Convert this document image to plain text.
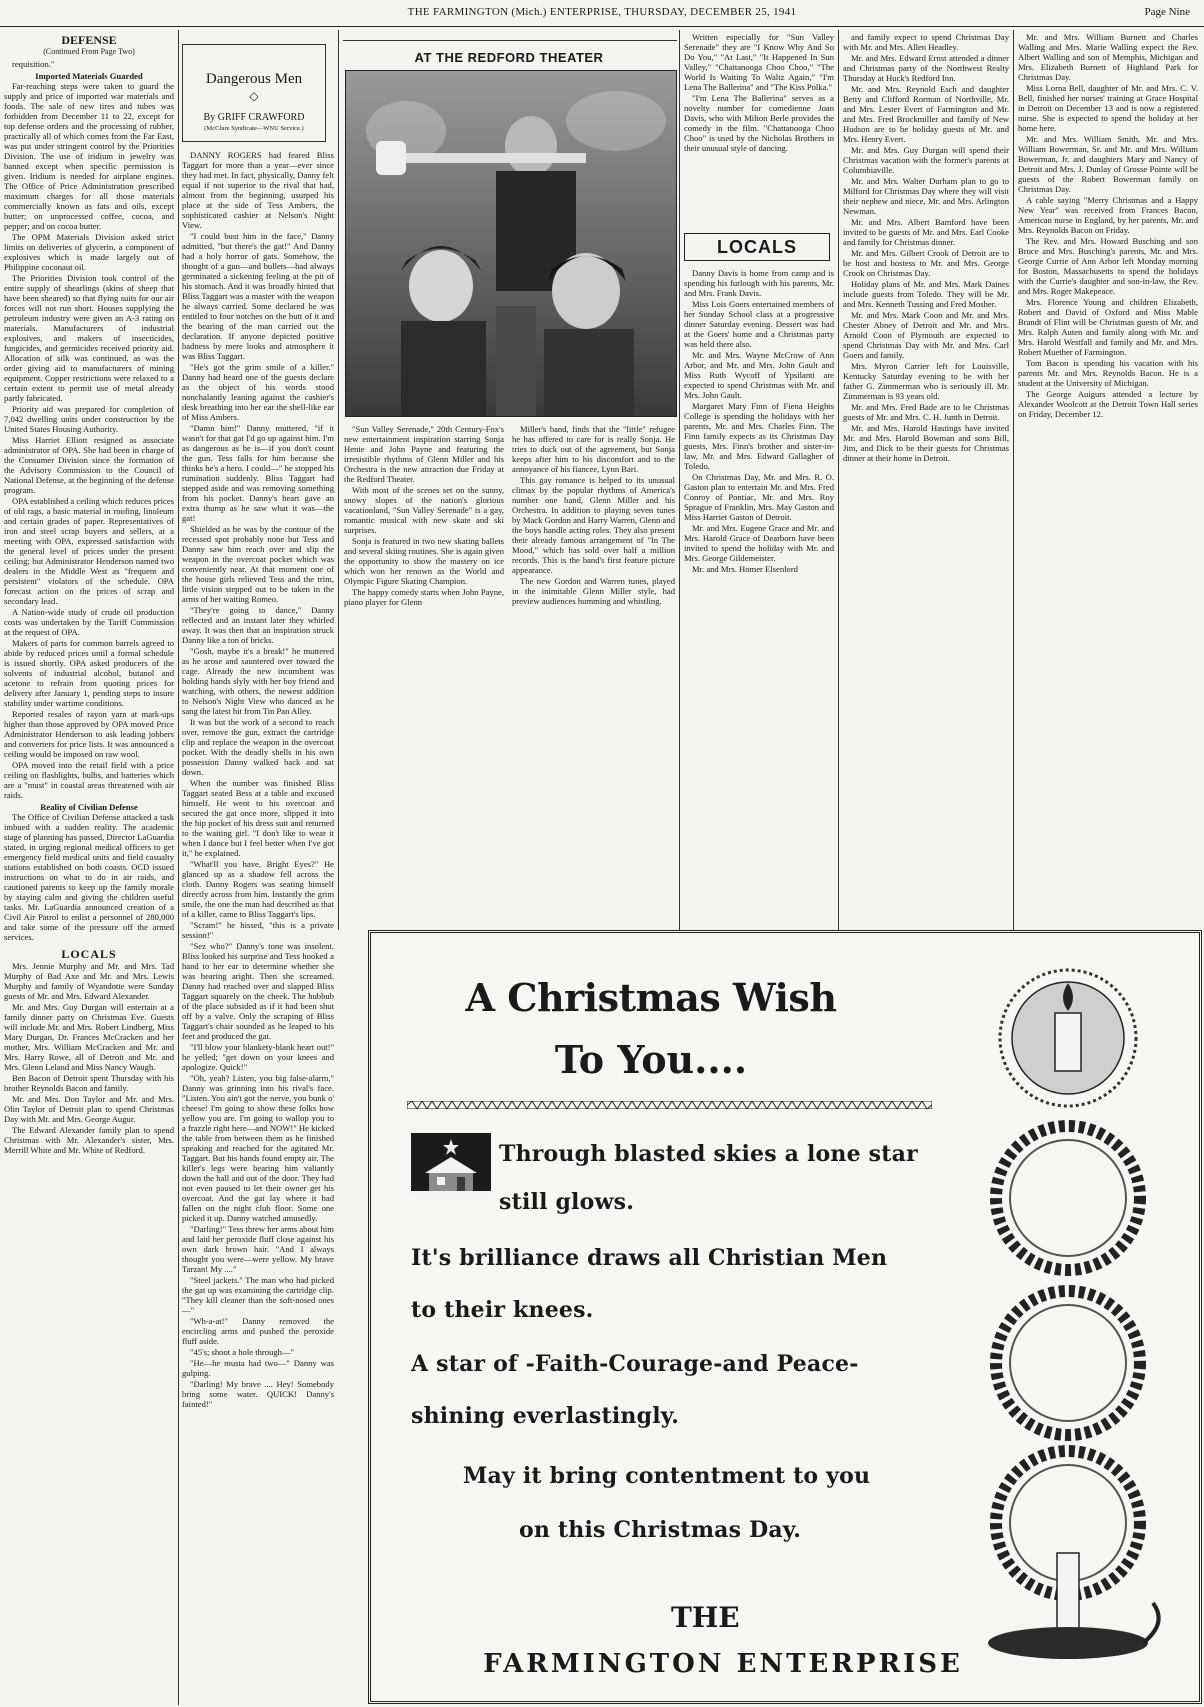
THE FARMINGTON (Mich.) ENTERPRISE, THURSDAY, DECEMBER 25, 1941	Page Nine

DEFENSE

(Continued From Page Two)

requisition."

Imported Materials Guarded

Far-reaching steps were taken to guard the supply and price of imported war materials and foods. The sale of new tires and tubes was forbidden from December 11 to 22, except for top defense orders and the processing of rubber, practically all of which comes from the Far East, was put under stringent control by the Priorities Division. The use of iridium in jewelry was banned except when specific permission is given. Iridium is needed for airplane engines. The Office of Price Administration prescribed maximum charges for all those materials commercially known as fats and oils, except butter; on unprocessed coffee, cocoa, and pepper; and on cocoa butter.

The OPM Materials Division asked strict limits on deliveries of glycerin, a component of explosives which is made largely out of Philippine coconaut oil.

The Priorities Division took control of the entire supply of shearlings (skins of sheep that have been sheared) so that flying suits for our air forces will not run short. Houses supplying the petroleum industry were given an A-3 rating on materials. Manufacturers of industrial explosives, and makers of insecticides, fungicides, and germicides received priority aid. Allocation of silk was continued, as was the order giving aid to manufacturers of mining equipment. Copper restrictions were relaxed to a certain extent to permit use of metal already partly fabricated.

Priority aid was prepared for completion of 7,042 dwelling units under construction by the United States Housing Authority.

Miss Harriet Elliott resigned as associate administrator of OPA. She had been in charge of the Consumer Division since the formation of the Advisory Commission to the Council of National Defense, at the beginning of the defense program.

OPA established a ceiling which reduces prices of old rags, a basic material in roofing, linoleum and certain grades of paper. Representatives of iron and steel scrap buyers and sellers, at a meeting with OPA, expressed satisfaction with the general level of prices under the present ceiling; but Administrator Henderson named two dealers in the Middle West as "frequent and persistent" violators of the schedule. OPA forecast action on the prices of scrap and secondary lead.

A Nation-wide study of crude oil production costs was undertaken by the Tariff Commission at the request of OPA.

Makers of parts for common barrels agreed to abide by reduced prices until a formal schedule is issued shortly. OPA asked producers of the solvents of industrial alcohol, butanol and acetone to refrain from quoting prices for delivery after January 1, pending steps to insure stability under wartime conditions.

Reported resales of rayon yarn at mark-ups higher than those approved by OPA moved Price Administrator Henderson to ask leading jobbers and converters for price lists. It was announced a ceiling would be imposed on raw wool.

OPA moved into the retail field with a price ceiling on flashlights, bulbs, and batteries which are a "must" in coastal areas threatened with air raids.

Reality of Civilian Defense

The Office of Civilian Defense attacked a task imbued with a sudden reality. The academic stage of planning has passed, Director LaGuardia stated, in urging regional medical officers to get emergency field medical units and field casualty stations established on both coasts. OCD issued instructions on what to do in air raids, and cautioned parents to keep up the family morale by staying calm and giving the children useful tasks. Mr. LaGuardia announced creation of a Civil Air Patrol to enlist a personnel of 280,000 and take some of the pressure off the armed services.

LOCALS

Mrs. Jennie Murphy and Mr. and Mrs. Tad Murphy of Bad Axe and Mr. and Mrs. Lewis Murphy and family of Wyandotte were Sunday guests of Mr. and Mrs. Edward Alexander.

Mr. and Mrs. Guy Durgan will entertain at a family dinner party on Christmas Eve. Guests will include Mr. and Mrs. Robert Lindberg, Miss Mary Durgan, Dr. Frances McCracken and her mother, Mrs. William McCracken and Mr. and Mrs. Harry Rowe, all of Detroit and Mr. and Mrs. Glenn Leland and Miss Nancy Waugh.

Ben Bacon of Detroit spent Thursday with his brother Reynolds Bacon and family.

Mr. and Mrs. Don Taylor and Mr. and Mrs. Olin Taylor of Detroit plan to spend Christmas Day with Mr. and Mrs. George Augur.

The Edward Alexander family plan to spend Christmas with Mr. Alexander's sister, Mrs. Merrill White and Mr. White of Redford.

Dangerous Men
◇
By GRIFF CRAWFORD
(McClure Syndicate—WNU Service.)

DANNY ROGERS had feared Bliss Taggart for more than a year—ever since they had met. In fact, physically, Danny felt equal if not superior to the rival that had, almost from the beginning, usurped his place at the side of Tess Ambers, the sophisticated cashier at Nelson's Night View.

"I could bust him in the face," Danny admitted, "but there's the gat!" And Danny had a holy horror of gats. Somehow, the thought of a gun—and bullets—had always germinated a sickening feeling at the pit of his stomach. And it was broadly hinted that Bliss Taggart was a master with the weapon he always carried. Some declared he was entitled to four notches on the butt of it and the bearing of the man carried out the declaration. If anyone depicted positive badness by mere looks and atmosphere it was Bliss Taggart.

"He's got the grim smile of a killer." Danny had heard one of the guests declare as the object of his words stood nonchalantly leaning against the cashier's desk breathing into her ear the shell-like ear of Miss Ambers.

"Damn him!" Danny muttered, "if it wasn't for that gat I'd go up against him. I'm as dangerous as he is—if you don't count the gun. Tess falls for him because she thinks he's a hero. I could—" he stopped his rumination suddenly. Bliss Taggart had stepped aside and was removing something from his pocket. Danny's heart gave an extra thump as he saw what it was—the gat!

Shielded as he was by the contour of the recessed spot probably none but Tess and Danny saw him reach over and slip the weapon in the overcoat pocket which was conveniently near. At that moment one of the house girls relieved Tess and the trim, little vision stepped out to be taken in the arms of her waiting Romeo.

"They're going to dance," Danny reflected and an instant later they whirled away. It was then that an inspiration struck Danny like a ton of bricks.

"Gosh, maybe it's a break!" he muttered as he arose and sauntered over toward the cage. Already the new incumbent was holding hands slyly with her boy friend and watching, with others, the newest addition to Nelson's Night View who danced as he sang the latest hit from Tin Pan Alley.

It was but the work of a second to reach over, remove the gun, extract the cartridge clip and replace the weapon in the overcoat pocket. With the deadly shells in his own possession Danny walked back and sat down.

When the number was finished Bliss Taggart seated Bess at a table and excused himself. He went to his overcoat and secured the gat once more, slipped it into the hip pocket of his dress suit and returned to the waiting girl. "I don't like to wear it when I dance but I feel better when I've got it," he explained.

"What'll you have, Bright Eyes?" He glanced up as a shadow fell across the cloth. Danny Rogers was seating himself directly across from him. Instantly the grim smile, the one the man had described as that of a killer, came to Bliss Taggart's lips.

"Scram!" he hissed, "this is a private session!"

"Sez who?" Danny's tone was insolent. Bliss looked his surprise and Tess hooked a hand to her ear to determine whether she was hearing aright. Then she screamed. Danny had reached over and slapped Bliss Taggart squarely on the cheek. The hubbub of the place subsided as if it had been shut off by a valve. Only the scraping of Bliss Taggart's chair sounded as he leaped to his feet and produced the gat.

"I'll blow your blankety-blank heart out!" he yelled; "get down on your knees and apologize. Quick!"

"Oh, yeah? Listen, you big false-alarm," Danny was grinning into his rival's face. "Listen. You ain't got the nerve, you bunk o' cheese! I'm going to show these folks how yellow you are. I'm going to wallop you to a frazzle right here—and NOW!" He kicked the table from between them as he finished speaking and reached for the agitated Mr. Taggart. But his hands found empty air. The killer's legs were bearing him valiantly down the hall and out of the door. They had not even paused to let their owner get his overcoat. And the gat lay where it had fallen on the night club floor. Some one picked it up. Danny watched amusedly.

"Darling!" Tess threw her arms about him and laid her peroxide fluff close against his own dark brown hair. "And I always thought you were—were yellow. My brave Tarzan! My ...."

"Steel jackets." The man who had picked the gat up was examining the cartridge clip. "They kill cleaner than the soft-nosed ones—"

"Wh-a-at!" Danny removed the encircling arms and pushed the peroxide fluff aside.

"45's; shoot a hole through—"

"He—he musta had two—" Danny was gulping.

"Darling! My brave .... Hey! Somebody bring some water. QUICK! Danny's fainted!"

AT THE REDFORD THEATER

"Sun Valley Serenade," 20th Century-Fox's new entertainment inspiration starring Sonja Henie and John Payne and featuring the irresistible rhythms of Glenn Miller and his Orchestra is the new attraction due Friday at the Redford Theater.

With most of the scenes set on the sunny, snowy slopes of the nation's glorious vacationland, "Sun Valley Serenade" is a gay, romantic musical with new skate and ski surprises.

Sonja is featured in two new skating ballets and several skiing routines. She is again given the opportunity to show the mastery on ice which won her renown as the World and Olympic Figure Skating Champion.

The happy comedy starts when John Payne, piano player for Glenn

Miller's band, finds that the "little" refugee he has offered to care for is really Sonja. He tries to duck out of the agreement, but Sonja keeps after him to his discomfort and to the annoyance of his fiancee, Lynn Bari.

This gay romance is helped to its unusual climax by the popular rhythms of America's number one band, Glenn Miller and his Orchestra. In addition to playing seven tunes by Mack Gordon and Harry Warren, Glenn and the boys handle acting roles. They also present their already famous arrangement of "In The Mood," which has sold over half a million records. This is the band's first feature picture appearance.

The new Gordon and Warren tunes, played in the inimitable Glenn Miller style, had preview audiences humming and whistling.

Written especially for "Sun Valley Serenade" they are "I Know Why And So Do You," "At Last," "It Happened In Sun Valley," "Chattanooga Choo Choo," "The World Is Waiting To Waltz Again," "I'm Lena The Ballerina" and "The Kiss Polka."

"I'm Lena The Ballerina" serves as a novelty number for comedienne Joan Davis, who with Milton Berle provides the comedy in the film. "Chattanooga Choo Choo" is used by the Nicholas Brothers in their unusual style of dancing.

LOCALS

Danny Davis is home from camp and is spending his furlough with his parents, Mr. and Mrs. Frank Davis.

Miss Lois Goers entertained members of her Sunday School class at a progressive dinner Saturday evening. Dessert was had at the Goers' home and a Christmas party was held there also.

Mr. and Mrs. Wayne McCrow of Ann Arbor, and Mr. and Mrs. John Gault and Miss Ruth Wycoff of Ypsilanti are expected to spend Christmas with Mr. and Mrs. John Gault.

Margaret Mary Finn of Fiena Heights College is spending the holidays with her parents, Mr. and Mrs. Charles Finn. The Finn family expects as its Christmas Day guests, Mrs. Finn's brother and sister-in-law, Mr. and Mrs. Edward Gallagher of Toledo.

On Christmas Day, Mr. and Mrs. R. O. Gaston plan to entertain Mr. and Mrs. Fred Conroy of Pontiac, Mr. and Mrs. Roy Sprague of Franklin, Mrs. May Gaston and Miss Harriet Gaston of Detroit.

Mr. and Mrs. Eugene Grace and Mr. and Mrs. Harold Grace of Dearborn have been invited to spend the holiday with Mr. and Mrs. George Gildemeister.

Mr. and Mrs. Homer Elsenlord

and family expect to spend Christmas Day with Mr. and Mrs. Allen Headley.

Mr. and Mrs. Edward Ernst attended a dinner and Christmas party of the Northwest Realty Thursday at Huck's Redford Inn.

Mr. and Mrs. Reynold Esch and daughter Betty and Clifford Rorman of Northville, Mr. and Mrs. Lester Evert of Farmington and Mr. and Mrs. Fred Brockmiller and family of New Hudson are to be holiday guests of Mr. and Mrs. Henry Evert.

Mr. and Mrs. Guy Durgan will spend their Christmas vacation with the former's parents at Columbiaville.

Mr. and Mrs. Walter Durham plan to go to Milford for Christmas Day where they will visit their nephew and niece, Mr. and Mrs. Arlington Newman.

Mr. and Mrs. Albert Bamford have been invited to be guests of Mr. and Mrs. Earl Cooke and family for Christmas dinner.

Mr. and Mrs. Gilbert Crook of Detroit are to be host and hostess to Mr. and Mrs. George Crook on Christmas Day.

Holiday plans of Mr. and Mrs. Mark Daines include guests from Toledo. They will be Mr. and Mrs. Kenneth Tussing and Fred Mosher.

Mr. and Mrs. Mark Coon and Mr. and Mrs. Chester Abney of Detroit and Mr. and Mrs. Arnold Coon of Plymouth are expected to spend Christmas Day with Mr. and Mrs. Carl Goers and family.

Mrs. Myron Carrier left for Louisville, Kentucky Saturday evening to be with her father G. Zimmerman who is seriously ill. Mr. Zimmerman is 93 years old.

Mr. and Mrs. Fred Bade are to be Christmas guests of Mr. and Mrs. C. H. Junth in Detroit.

Mr. and Mrs. Harold Hastings have invited Mr. and Mrs. Harold Bowman and sons Bill, Jim, and Dick to be their guests for Christmas dinner at their home in Detroit.

Mr. and Mrs. William Burnett and Charles Walling and Mrs. Marie Walling expect the Rev. Albert Walling and son of Memphis, Michigan and Mrs. Elizabeth Burnett of Highland Park for Christmas Day.

Miss Lorna Bell, daughter of Mr. and Mrs. C. V. Bell, finished her nurses' training at Grace Hospital in Detroit on December 13 and is now a registered nurse. She is expected to spend the holiday at her home here.

Mr. and Mrs. William Smith, Mr. and Mrs. William Bowerman, Sr. and Mr. and Mrs. William Bowerman, Jr. and daughters Mary and Nancy of Detroit and Mrs. J. Dunlay of Grosse Pointe will be guests of the Robert Bowerman family on Christmas Day.

A cable saying "Merry Christmas and a Happy New Year" was received from Frances Bacon, American nurse in England, by her parents, Mr. and Mrs. Reynolds Bacon on Friday.

The Rev. and Mrs. Howard Busching and son Bruce and Mrs. Busching's parents, Mr. and Mrs. George Currie of Ann Arbor left Monday morning for Boston, Massachusetts to spend the holidays with the Currie's daughter and son-in-law, the Rev. and Mrs. Roger Makepeace.

Mrs. Florence Young and children Elizabeth, Robert and David of Oxford and Miss Mable Brandt of Flint will be Christmas guests of Mr. and Mrs. Ralph Auten and family along with Mr. and Mrs. Harold Westfall and family and Mr. and Mrs. Robert Muether of Farmington.

Tom Bacon is spending his vacation with his parents Mr. and Mrs. Reynolds Bacon. He is a student at the University of Michigan.

The George Auigurs attended a lecture by Alexander Woolcott at the Detroit Town Hall series on Friday, December 12.

A Christmas Wish
To You....
Through blasted skies a lone star
still glows.
It's brilliance draws all Christian Men
to their knees.
A star of -Faith-Courage-and Peace-
shining everlastingly.
May it bring contentment to you
on this Christmas Day.
THE
FARMINGTON ENTERPRISE
